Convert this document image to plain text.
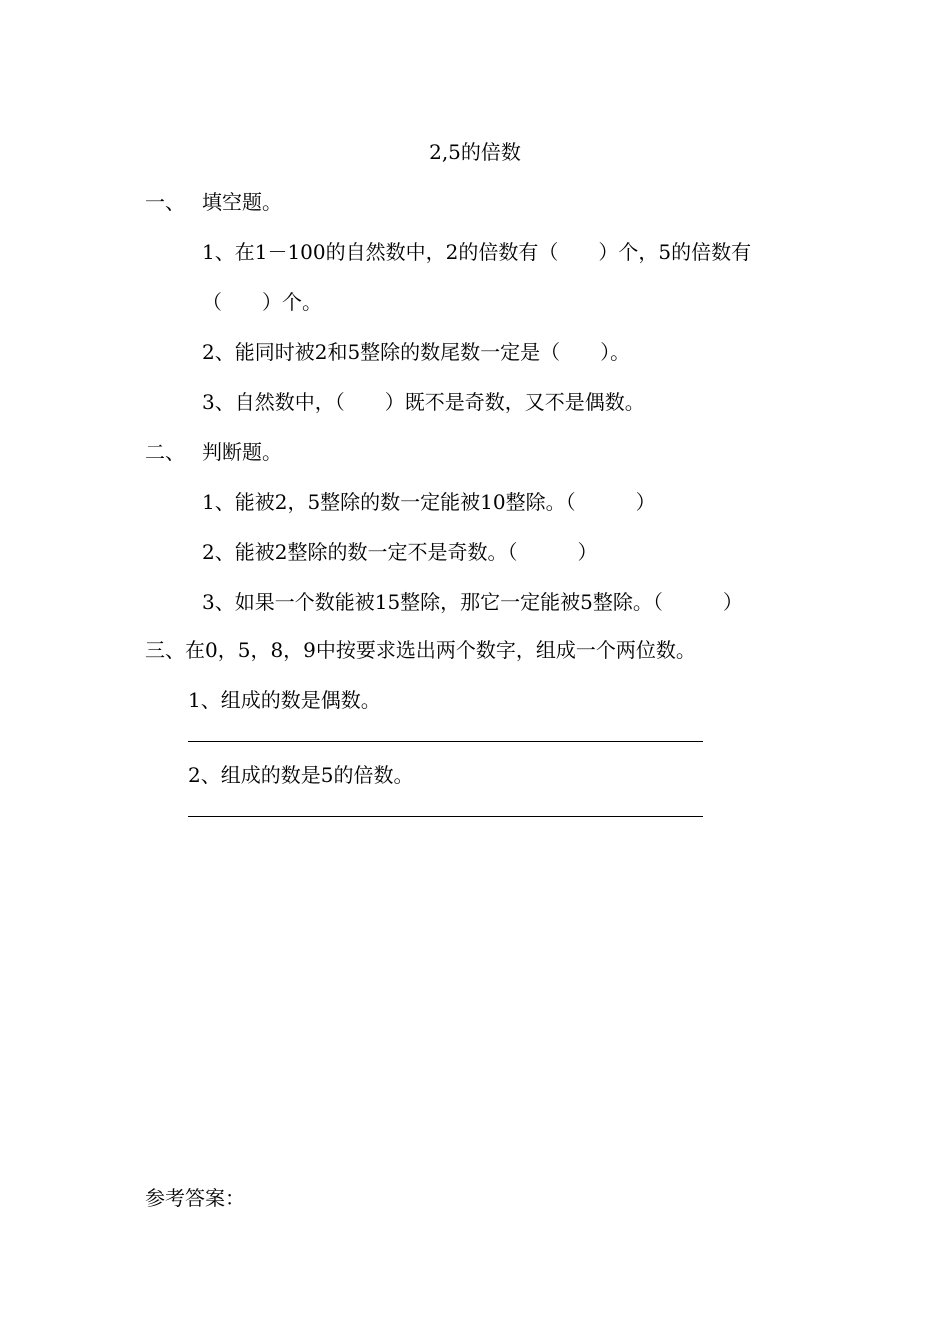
2,5的倍数
一、 填空题。
1、在1－100的自然数中，2的倍数有（　　）个，5的倍数有
（　　）个。
2、能同时被2和5整除的数尾数一定是（　　）。
3、自然数中，（　　）既不是奇数，又不是偶数。
二、 判断题。
1、能被2，5整除的数一定能被10整除。（　　　）
2、能被2整除的数一定不是奇数。（　　　）
3、如果一个数能被15整除，那它一定能被5整除。（　　　）
三、在0，5，8，9中按要求选出两个数字，组成一个两位数。
1、组成的数是偶数。
2、组成的数是5的倍数。
参考答案：
